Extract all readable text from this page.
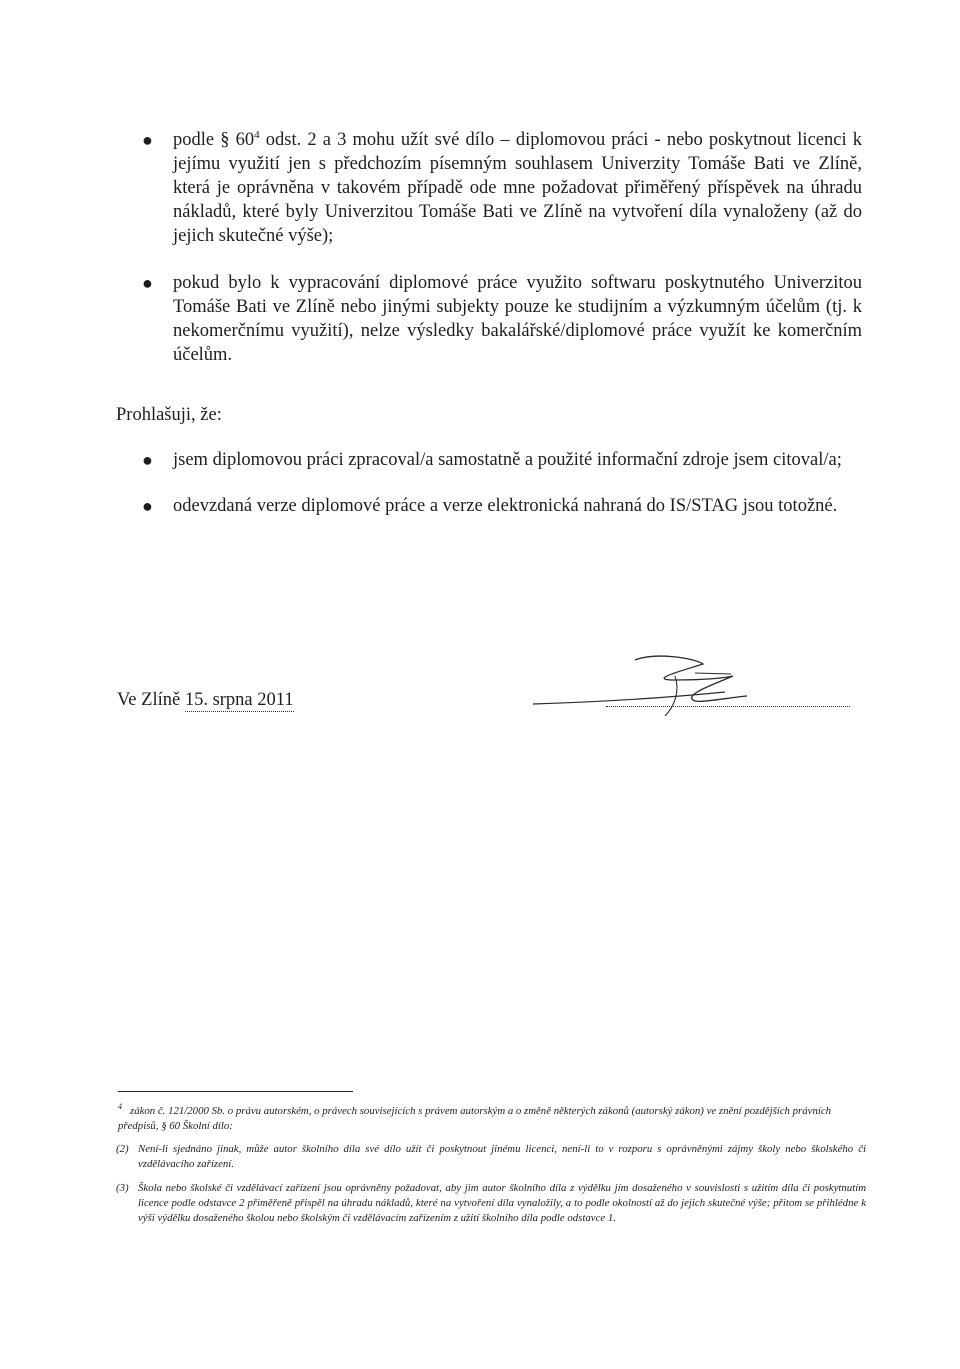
● podle § $60^4$ odst. 2 a 3 mohu užít své dílo – diplomovou práci - nebo poskytnout licenci k jejímu využití jen s předchozím písemným souhlasem Univerzity Tomáše Bati ve Zlíně, která je oprávněna v takovém případě ode mne požadovat přiměřený příspěvek na úhradu nákladů, které byly Univerzitou Tomáše Bati ve Zlíně na vytvoření díla vynaloženy (až do jejich skutečné výše);
● pokud bylo k vypracování diplomové práce využito softwaru poskytnutého Univerzitou Tomáše Bati ve Zlíně nebo jinými subjekty pouze ke studijním a výzkumným účelům (tj. k nekomerčnímu využití), nelze výsledky bakalářské/diplomové práce využít ke komerčním účelům.
Prohlašuji, že:
● jsem diplomovou práci zpracoval/a samostatně a použité informační zdroje jsem citoval/a;
● odevzdaná verze diplomové práce a verze elektronická nahraná do IS/STAG jsou totožné.
Ve Zlíně 15. srpna 2011

$^4$ zákon č. 121/2000 Sb. o právu autorském, o právech souvisejících s právem autorským a o změně některých zákonů (autorský zákon) ve znění pozdějších právních předpisů, § 60 Školní dílo:

(2) Není-li sjednáno jinak, může autor školního díla své dílo užít či poskytnout jinému licenci, není-li to v rozporu s oprávněnými zájmy školy nebo školského či vzdělávacího zařízení.

(3) Škola nebo školské či vzdělávací zařízení jsou oprávněny požadovat, aby jim autor školního díla z výdělku jím dosaženého v souvislosti s užitím díla či poskytnutím licence podle odstavce 2 přiměřeně přispěl na úhradu nákladů, které na vytvoření díla vynaložily, a to podle okolností až do jejich skutečné výše; přitom se přihlédne k výši výdělku dosaženého školou nebo školským či vzdělávacím zařízením z užití školního díla podle odstavce 1.
